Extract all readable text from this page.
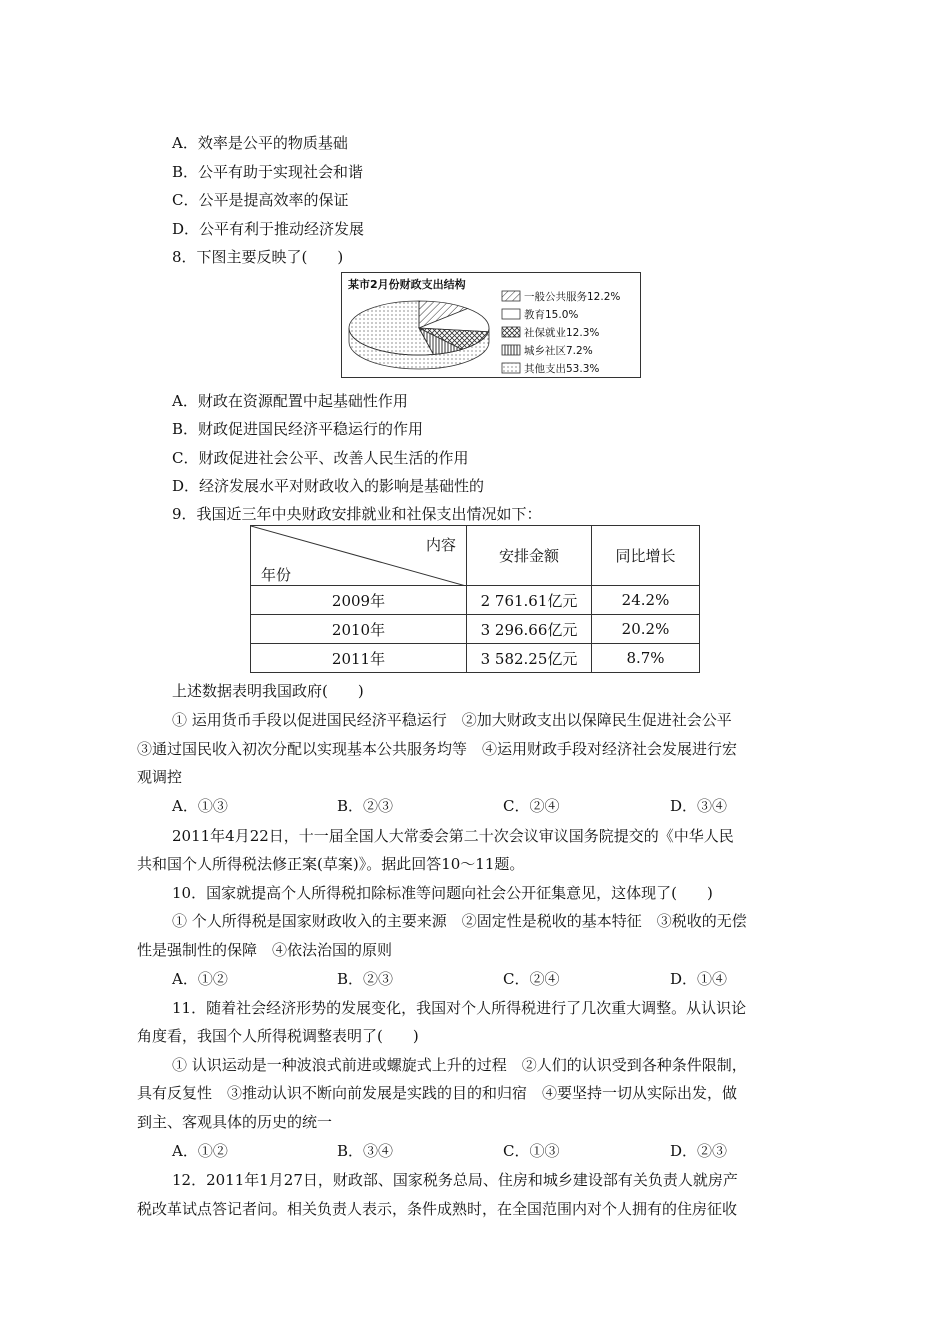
A．效率是公平的物质基础
B．公平有助于实现社会和谐
C．公平是提高效率的保证
D．公平有利于推动经济发展
8．下图主要反映了(　　)
某市2月份财政支出结构
一般公共服务12.2%
教育15.0%
社保就业12.3%
城乡社区7.2%
其他支出53.3%
A．财政在资源配置中起基础性作用
B．财政促进国民经济平稳运行的作用
C．财政促进社会公平、改善人民生活的作用
D．经济发展水平对财政收入的影响是基础性的
9．我国近三年中央财政安排就业和社保支出情况如下：
内容
年份	安排金额	同比增长
2009年	2 761.61亿元	24.2%
2010年	3 296.66亿元	20.2%
2011年	3 582.25亿元	8.7%
上述数据表明我国政府(　　)
① 运用货币手段以促进国民经济平稳运行　②加大财政支出以保障民生促进社会公平
③通过国民收入初次分配以实现基本公共服务均等　④运用财政手段对经济社会发展进行宏
观调控
A．①③	B．②③	C．②④	D．③④
2011年4月22日，十一届全国人大常委会第二十次会议审议国务院提交的《中华人民
共和国个人所得税法修正案(草案)》。据此回答10～11题。
10．国家就提高个人所得税扣除标准等问题向社会公开征集意见，这体现了(　　)
① 个人所得税是国家财政收入的主要来源　②固定性是税收的基本特征　③税收的无偿
性是强制性的保障　④依法治国的原则
A．①②	B．②③	C．②④	D．①④
11．随着社会经济形势的发展变化，我国对个人所得税进行了几次重大调整。从认识论
角度看，我国个人所得税调整表明了(　　)
① 认识运动是一种波浪式前进或螺旋式上升的过程　②人们的认识受到各种条件限制，
具有反复性　③推动认识不断向前发展是实践的目的和归宿　④要坚持一切从实际出发，做
到主、客观具体的历史的统一
A．①②	B．③④	C．①③	D．②③
12．2011年1月27日，财政部、国家税务总局、住房和城乡建设部有关负责人就房产
税改革试点答记者问。相关负责人表示，条件成熟时，在全国范围内对个人拥有的住房征收
